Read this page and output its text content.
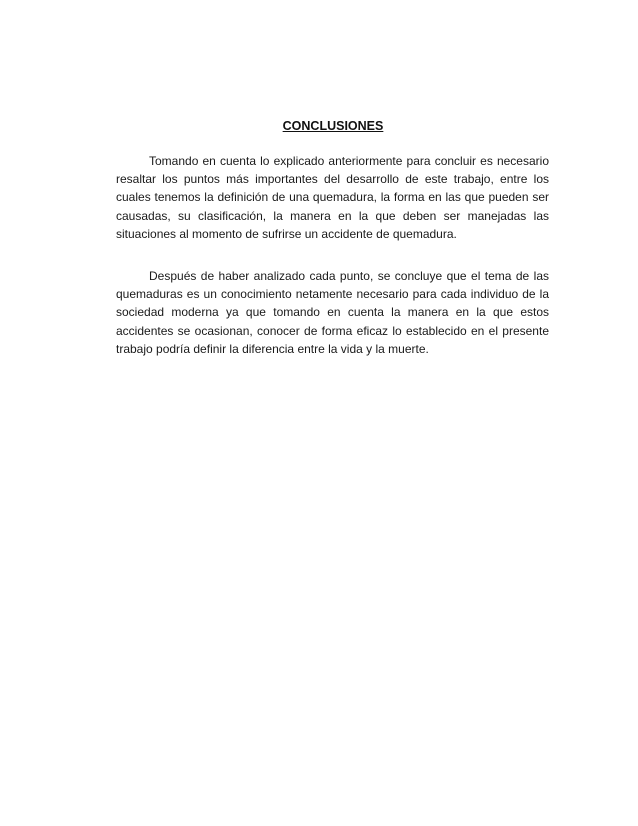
CONCLUSIONES

Tomando en cuenta lo explicado anteriormente para concluir es necesario resaltar los puntos más importantes del desarrollo de este trabajo, entre los cuales tenemos la definición de una quemadura, la forma en las que pueden ser causadas, su clasificación, la manera en la que deben ser manejadas las situaciones al momento de sufrirse un accidente de quemadura.

Después de haber analizado cada punto, se concluye que el tema de las quemaduras es un conocimiento netamente necesario para cada individuo de la sociedad moderna ya que tomando en cuenta la manera en la que estos accidentes se ocasionan, conocer de forma eficaz lo establecido en el presente trabajo podría definir la diferencia entre la vida y la muerte.
